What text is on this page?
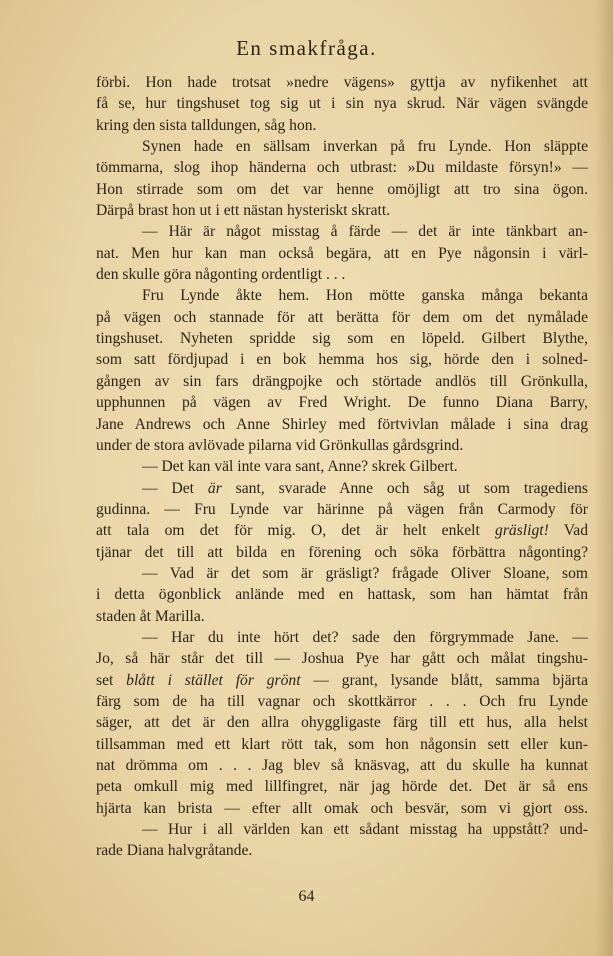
En smakfråga.
förbi. Hon hade trotsat »nedre vägens» gyttja av nyfikenhet att
få se, hur tingshuset tog sig ut i sin nya skrud. När vägen svängde
kring den sista talldungen, såg hon.
Synen hade en sällsam inverkan på fru Lynde. Hon släppte
tömmarna, slog ihop händerna och utbrast: »Du mildaste försyn!» —
Hon stirrade som om det var henne omöjligt att tro sina ögon.
Därpå brast hon ut i ett nästan hysteriskt skratt.
— Här är något misstag å färde — det är inte tänkbart an-
nat. Men hur kan man också begära, att en Pye någonsin i värl-
den skulle göra någonting ordentligt . . .
Fru Lynde åkte hem. Hon mötte ganska många bekanta
på vägen och stannade för att berätta för dem om det nymålade
tingshuset. Nyheten spridde sig som en löpeld. Gilbert Blythe,
som satt fördjupad i en bok hemma hos sig, hörde den i solned-
gången av sin fars drängpojke och störtade andlös till Grönkulla,
upphunnen på vägen av Fred Wright. De funno Diana Barry,
Jane Andrews och Anne Shirley med förtvivlan målade i sina drag
under de stora avlövade pilarna vid Grönkullas gårdsgrind.
— Det kan väl inte vara sant, Anne? skrek Gilbert.
— Det är sant, svarade Anne och såg ut som tragediens
gudinna. — Fru Lynde var härinne på vägen från Carmody för
att tala om det för mig. O, det är helt enkelt gräsligt! Vad
tjänar det till att bilda en förening och söka förbättra någonting?
— Vad är det som är gräsligt? frågade Oliver Sloane, som
i detta ögonblick anlände med en hattask, som han hämtat från
staden åt Marilla.
— Har du inte hört det? sade den förgrymmade Jane. —
Jo, så här står det till — Joshua Pye har gått och målat tingshu-
set blått i stället för grönt — grant, lysande blått, samma bjärta
färg som de ha till vagnar och skottkärror . . . Och fru Lynde
säger, att det är den allra ohyggligaste färg till ett hus, alla helst
tillsamman med ett klart rött tak, som hon någonsin sett eller kun-
nat drömma om . . . Jag blev så knäsvag, att du skulle ha kunnat
peta omkull mig med lillfingret, när jag hörde det. Det är så ens
hjärta kan brista — efter allt omak och besvär, som vi gjort oss.
— Hur i all världen kan ett sådant misstag ha uppstått? und-
rade Diana halvgråtande.
64
